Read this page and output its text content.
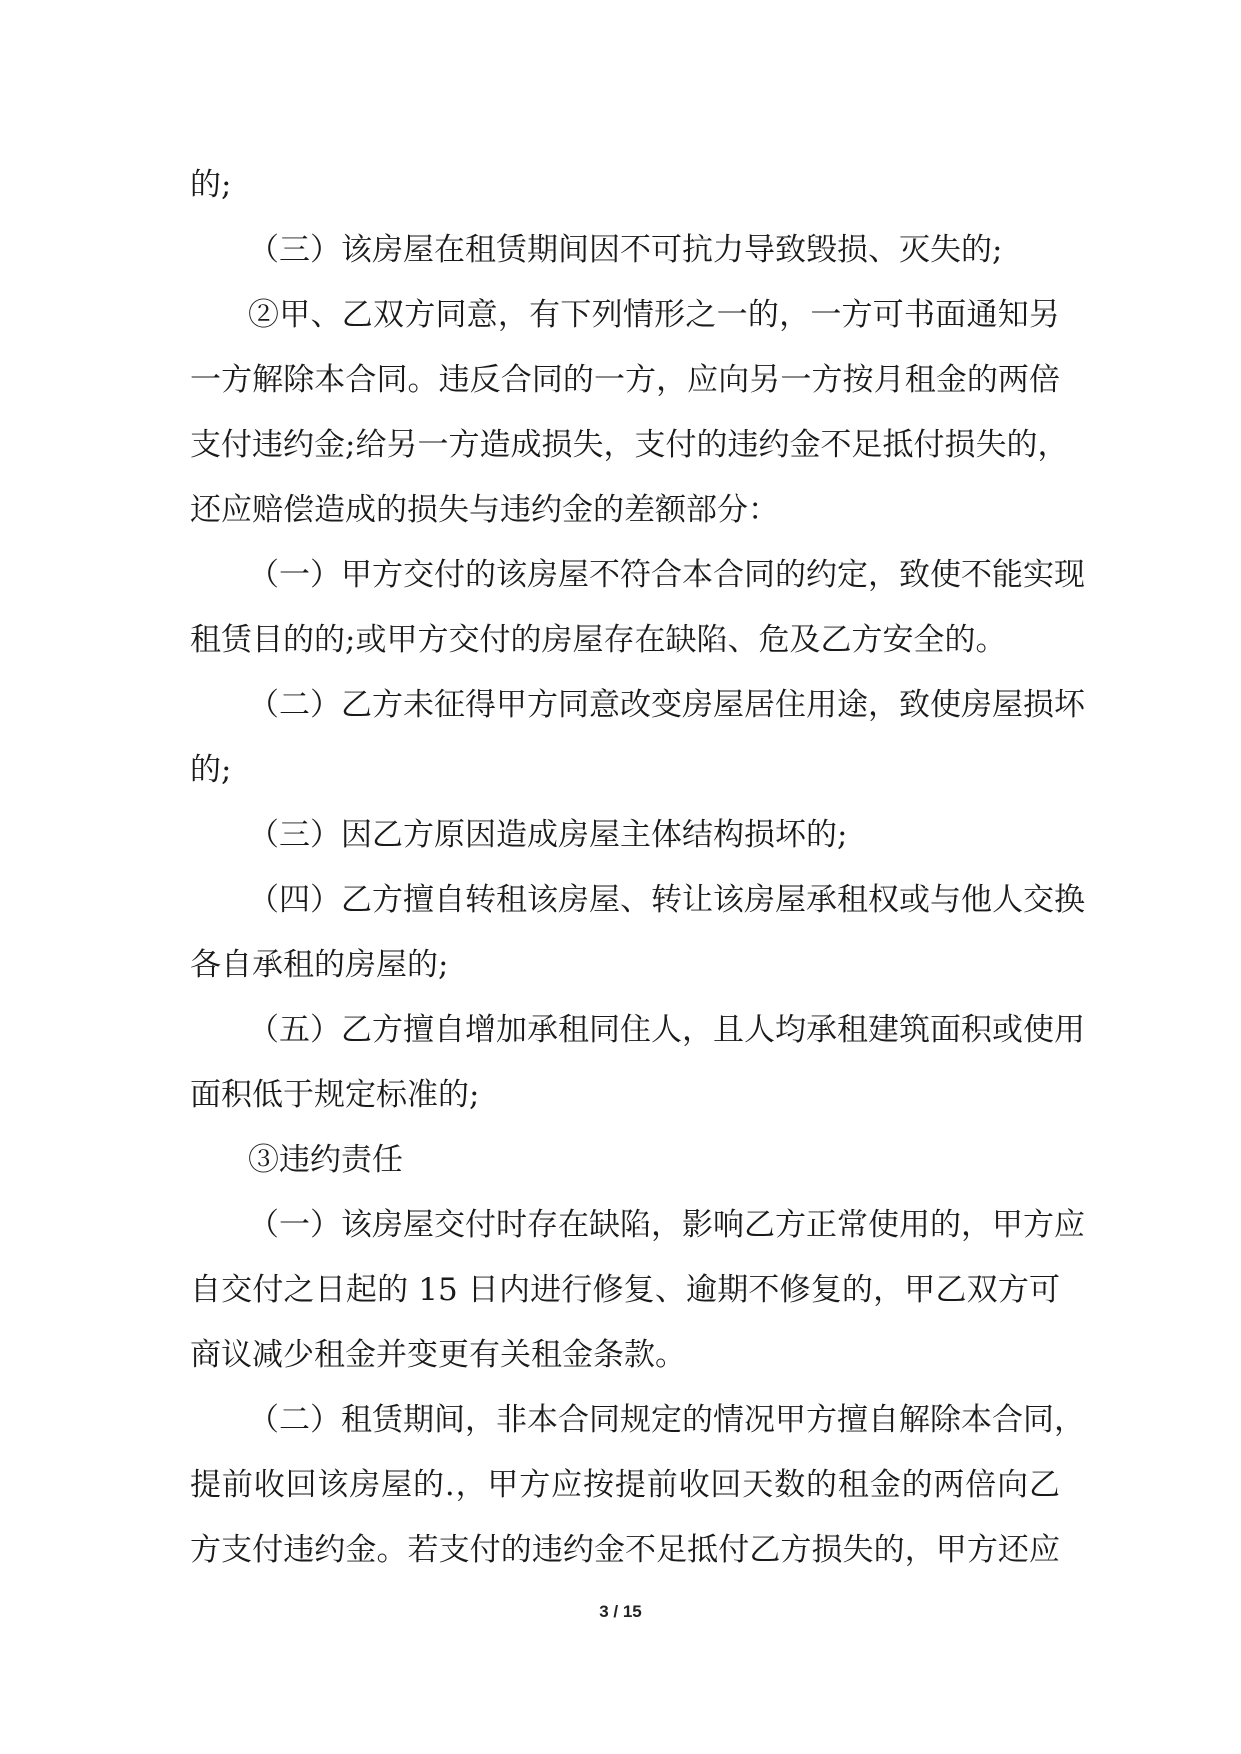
的;
（三）该房屋在租赁期间因不可抗力导致毁损、灭失的;
②甲、乙双方同意，有下列情形之一的，一方可书面通知另
一方解除本合同。违反合同的一方，应向另一方按月租金的两倍
支付违约金;给另一方造成损失，支付的违约金不足抵付损失的，
还应赔偿造成的损失与违约金的差额部分：
（一）甲方交付的该房屋不符合本合同的约定，致使不能实现
租赁目的的;或甲方交付的房屋存在缺陷、危及乙方安全的。
（二）乙方未征得甲方同意改变房屋居住用途，致使房屋损坏
的;
（三）因乙方原因造成房屋主体结构损坏的;
（四）乙方擅自转租该房屋、转让该房屋承租权或与他人交换
各自承租的房屋的;
（五）乙方擅自增加承租同住人，且人均承租建筑面积或使用
面积低于规定标准的;
③违约责任
（一）该房屋交付时存在缺陷，影响乙方正常使用的，甲方应
自交付之日起的 15 日内进行修复、逾期不修复的，甲乙双方可
商议减少租金并变更有关租金条款。
（二）租赁期间，非本合同规定的情况甲方擅自解除本合同，
提前收回该房屋的.，甲方应按提前收回天数的租金的两倍向乙
方支付违约金。若支付的违约金不足抵付乙方损失的，甲方还应
3 / 15
